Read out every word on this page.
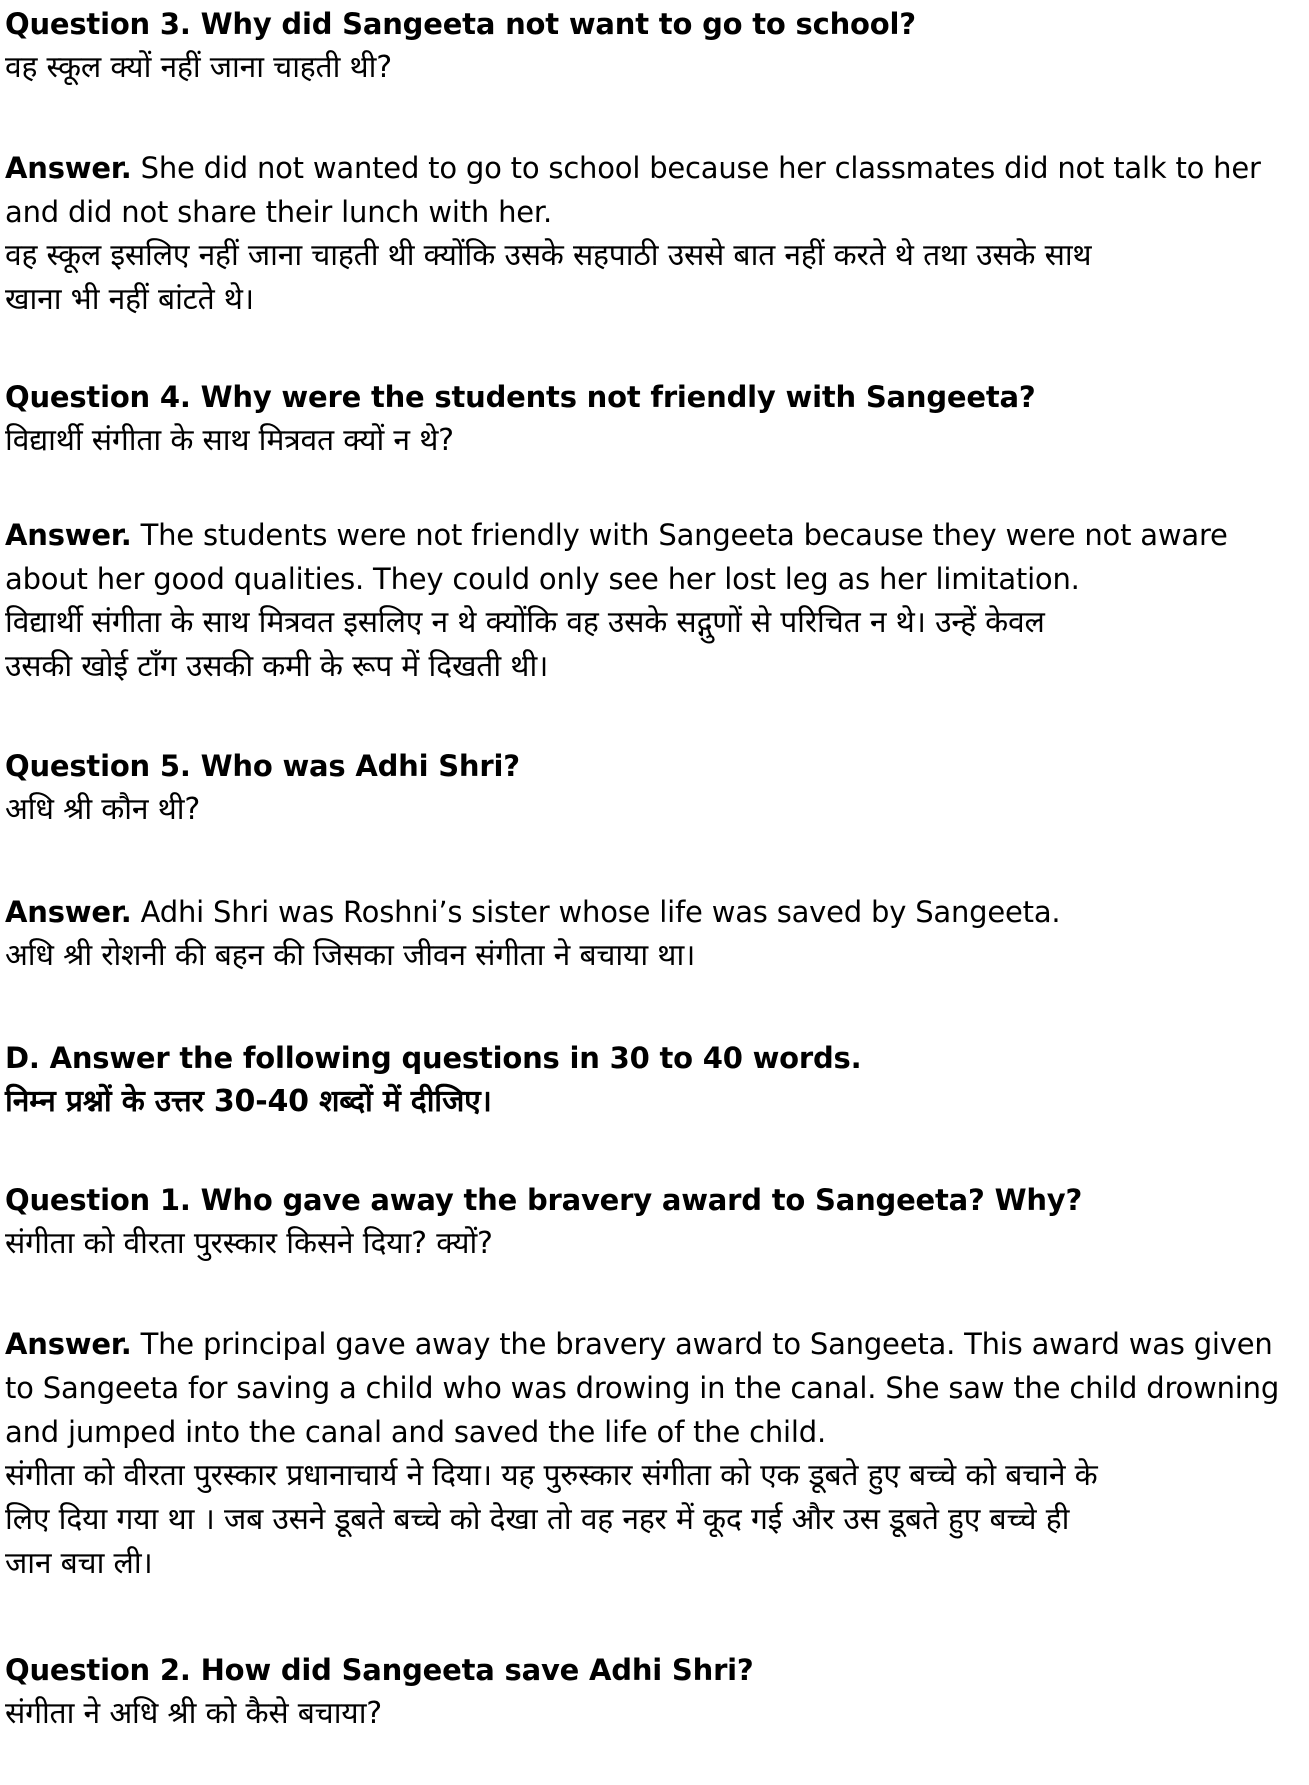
Question 3. Why did Sangeeta not want to go to school?
वह स्कूल क्यों नहीं जाना चाहती थी?
Answer. She did not wanted to go to school because her classmates did not talk to her
and did not share their lunch with her.
वह स्कूल इसलिए नहीं जाना चाहती थी क्योंकि उसके सहपाठी उससे बात नहीं करते थे तथा उसके साथ
खाना भी नहीं बांटते थे।
Question 4. Why were the students not friendly with Sangeeta?
विद्यार्थी संगीता के साथ मित्रवत क्यों न थे?
Answer. The students were not friendly with Sangeeta because they were not aware
about her good qualities. They could only see her lost leg as her limitation.
विद्यार्थी संगीता के साथ मित्रवत इसलिए न थे क्योंकि वह उसके सद्गुणों से परिचित न थे। उन्हें केवल
उसकी खोई टाँग उसकी कमी के रूप में दिखती थी।
Question 5. Who was Adhi Shri?
अधि श्री कौन थी?
Answer. Adhi Shri was Roshni’s sister whose life was saved by Sangeeta.
अधि श्री रोशनी की बहन की जिसका जीवन संगीता ने बचाया था।
D. Answer the following questions in 30 to 40 words.
निम्न प्रश्नों के उत्तर 30-40 शब्दों में दीजिए।
Question 1. Who gave away the bravery award to Sangeeta? Why?
संगीता को वीरता पुरस्कार किसने दिया? क्यों?
Answer. The principal gave away the bravery award to Sangeeta. This award was given
to Sangeeta for saving a child who was drowing in the canal. She saw the child drowning
and jumped into the canal and saved the life of the child.
संगीता को वीरता पुरस्कार प्रधानाचार्य ने दिया। यह पुरुस्कार संगीता को एक डूबते हुए बच्चे को बचाने के
लिए दिया गया था । जब उसने डूबते बच्चे को देखा तो वह नहर में कूद गई और उस डूबते हुए बच्चे ही
जान बचा ली।
Question 2. How did Sangeeta save Adhi Shri?
संगीता ने अधि श्री को कैसे बचाया?
